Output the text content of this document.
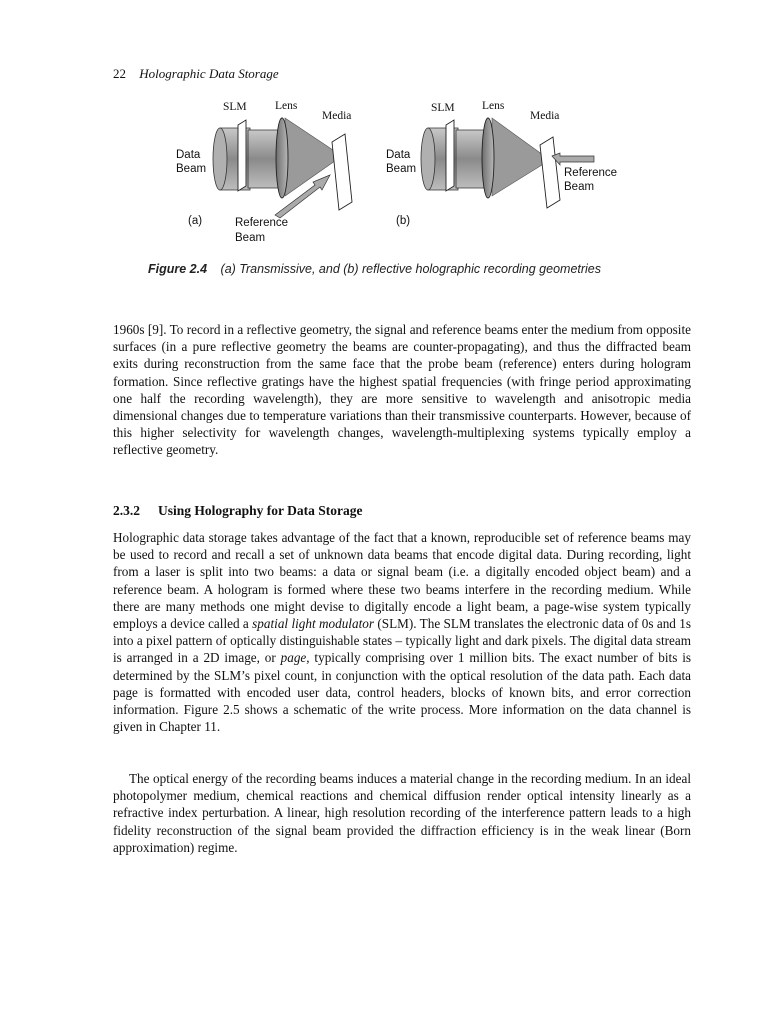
22 Holographic Data Storage
SLM Lens
Media
Data
Beam
(a)	Reference
Beam
SLM Lens
Media
Data
Beam	Reference
Beam
(b)
Figure 2.4 (a) Transmissive, and (b) reflective holographic recording geometries

1960s [9]. To record in a reflective geometry, the signal and reference beams enter the medium from opposite surfaces (in a pure reflective geometry the beams are counter-propagating), and thus the diffracted beam exits during reconstruction from the same face that the probe beam (reference) enters during hologram formation. Since reflective gratings have the highest spatial frequencies (with fringe period approximating one half the recording wavelength), they are more sensitive to wavelength and anisotropic media dimensional changes due to temperature variations than their transmissive counterparts. However, because of this higher selectivity for wavelength changes, wavelength-multiplexing systems typically employ a reflective geometry.

2.3.2 Using Holography for Data Storage

Holographic data storage takes advantage of the fact that a known, reproducible set of reference beams may be used to record and recall a set of unknown data beams that encode digital data. During recording, light from a laser is split into two beams: a data or signal beam (i.e. a digitally encoded object beam) and a reference beam. A hologram is formed where these two beams interfere in the recording medium. While there are many methods one might devise to digitally encode a light beam, a page-wise system typically employs a device called a spatial light modulator (SLM). The SLM translates the electronic data of 0s and 1s into a pixel pattern of optically distinguishable states – typically light and dark pixels. The digital data stream is arranged in a 2D image, or page, typically comprising over 1 million bits. The exact number of bits is determined by the SLM’s pixel count, in conjunction with the optical resolution of the data path. Each data page is formatted with encoded user data, control headers, blocks of known bits, and error correction information. Figure 2.5 shows a schematic of the write process. More information on the data channel is given in Chapter 11.

The optical energy of the recording beams induces a material change in the recording medium. In an ideal photopolymer medium, chemical reactions and chemical diffusion render optical intensity linearly as a refractive index perturbation. A linear, high resolution recording of the interference pattern leads to a high fidelity reconstruction of the signal beam provided the diffraction efficiency is in the weak linear (Born approximation) regime.
